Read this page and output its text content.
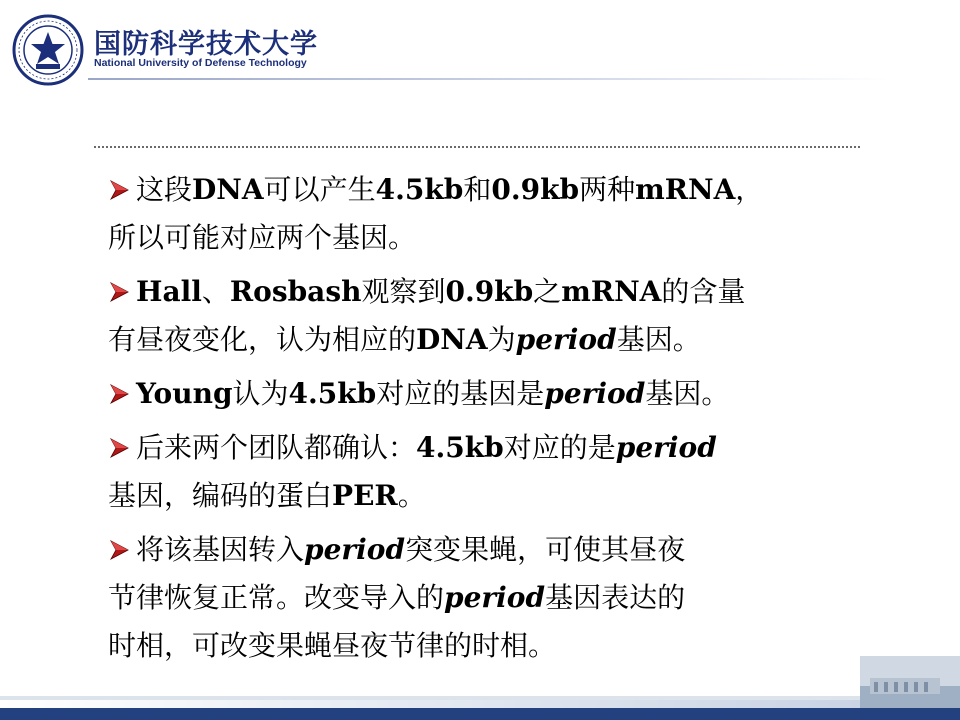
国防科学技术大学
National University of Defense Technology
这段DNA可以产生4.5kb和0.9kb两种mRNA，
所以可能对应两个基因。
Hall、Rosbash观察到0.9kb之mRNA的含量
有昼夜变化，认为相应的DNA为period基因。
Young认为4.5kb对应的基因是period基因。
后来两个团队都确认：4.5kb对应的是period
基因，编码的蛋白PER。
将该基因转入period突变果蝇，可使其昼夜
节律恢复正常。改变导入的period基因表达的
时相，可改变果蝇昼夜节律的时相。
